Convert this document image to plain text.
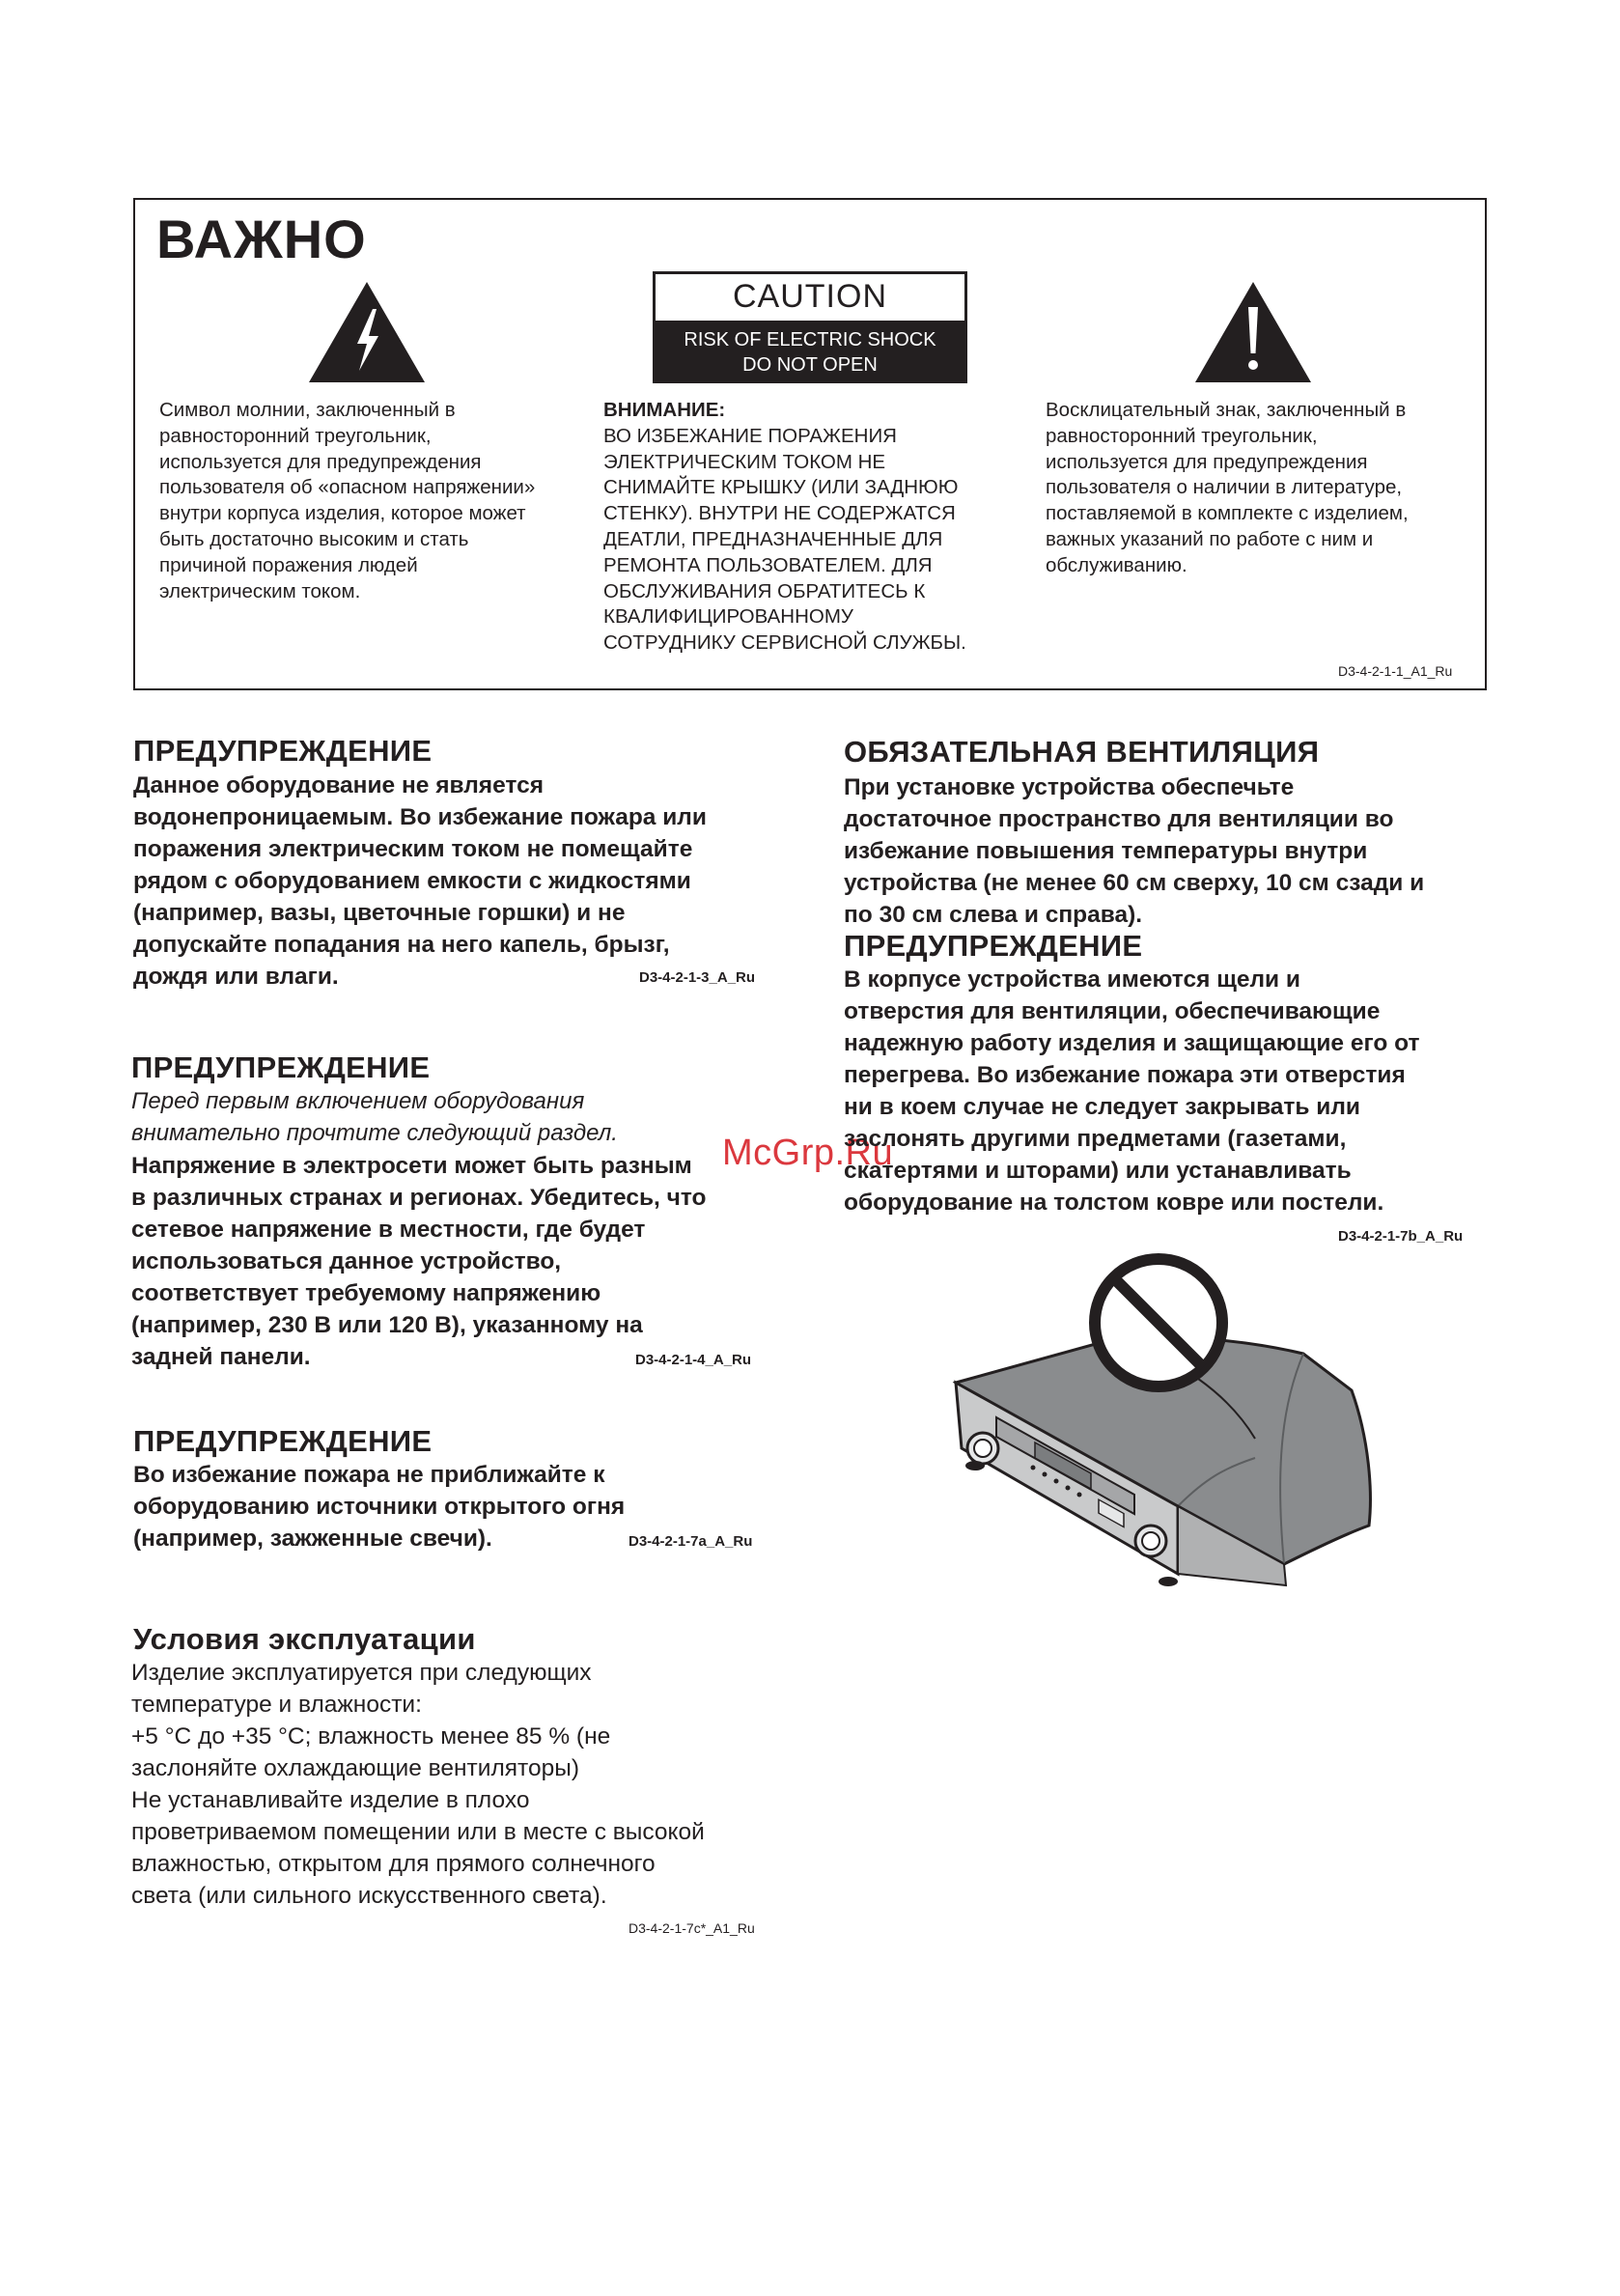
ВАЖНО
CAUTION
RISK OF ELECTRIC SHOCK
DO NOT OPEN
Символ молнии, заключенный в
равносторонний треугольник,
используется для предупреждения
пользователя об «опасном напряжении»
внутри корпуса изделия, которое может
быть достаточно высоким и стать
причиной поражения людей
электрическим током.
ВНИМАНИЕ:
ВО ИЗБЕЖАНИЕ ПОРАЖЕНИЯ
ЭЛЕКТРИЧЕСКИМ ТОКОМ НЕ
СНИМАЙТЕ КРЫШКУ (ИЛИ ЗАДНЮЮ
СТЕНКУ). ВНУТРИ НЕ СОДЕРЖАТСЯ
ДЕАТЛИ, ПРЕДНАЗНАЧЕННЫЕ ДЛЯ
РЕМОНТА ПОЛЬЗОВАТЕЛЕМ. ДЛЯ
ОБСЛУЖИВАНИЯ ОБРАТИТЕСЬ К
КВАЛИФИЦИРОВАННОМУ
СОТРУДНИКУ СЕРВИСНОЙ СЛУЖБЫ.
Восклицательный знак, заключенный в
равносторонний треугольник,
используется для предупреждения
пользователя о наличии в литературе,
поставляемой в комплекте с изделием,
важных указаний по работе с ним и
обслуживанию.
D3-4-2-1-1_A1_Ru
ПРЕДУПРЕЖДЕНИЕ
Данное оборудование не является
водонепроницаемым. Во избежание пожара или
поражения электрическим током не помещайте
рядом с оборудованием емкости с жидкостями
(например, вазы, цветочные горшки) и не
допускайте попадания на него капель, брызг,
дождя или влаги.	D3-4-2-1-3_A_Ru
ПРЕДУПРЕЖДЕНИЕ
Перед первым включением оборудования
внимательно прочтите следующий раздел.
Напряжение в электросети может быть разным
в различных странах и регионах. Убедитесь, что
сетевое напряжение в местности, где будет
использоваться данное устройство,
соответствует требуемому напряжению
(например, 230 В или 120 В), указанному на
задней панели.	D3-4-2-1-4_A_Ru
McGrp.Ru
ПРЕДУПРЕЖДЕНИЕ
Во избежание пожара не приближайте к
оборудованию источники открытого огня
(например, зажженные свечи).	D3-4-2-1-7a_A_Ru
Условия эксплуатации
Изделие эксплуатируется при следующих
температуре и влажности:
+5 °C до +35 °C; влажность менее 85 % (не
заслоняйте охлаждающие вентиляторы)
Не устанавливайте изделие в плохо
проветриваемом помещении или в месте с высокой
влажностью, открытом для прямого солнечного
света (или сильного искусственного света).
D3-4-2-1-7c*_A1_Ru
ОБЯЗАТЕЛЬНАЯ ВЕНТИЛЯЦИЯ
При установке устройства обеспечьте
достаточное пространство для вентиляции во
избежание повышения температуры внутри
устройства (не менее 60 см сверху, 10 см сзади и
по 30 см слева и справа).
ПРЕДУПРЕЖДЕНИЕ
В корпусе устройства имеются щели и
отверстия для вентиляции, обеспечивающие
надежную работу изделия и защищающие его от
перегрева. Во избежание пожара эти отверстия
ни в коем случае не следует закрывать или
заслонять другими предметами (газетами,
скатертями и шторами) или устанавливать
оборудование на толстом ковре или постели.
D3-4-2-1-7b_A_Ru
